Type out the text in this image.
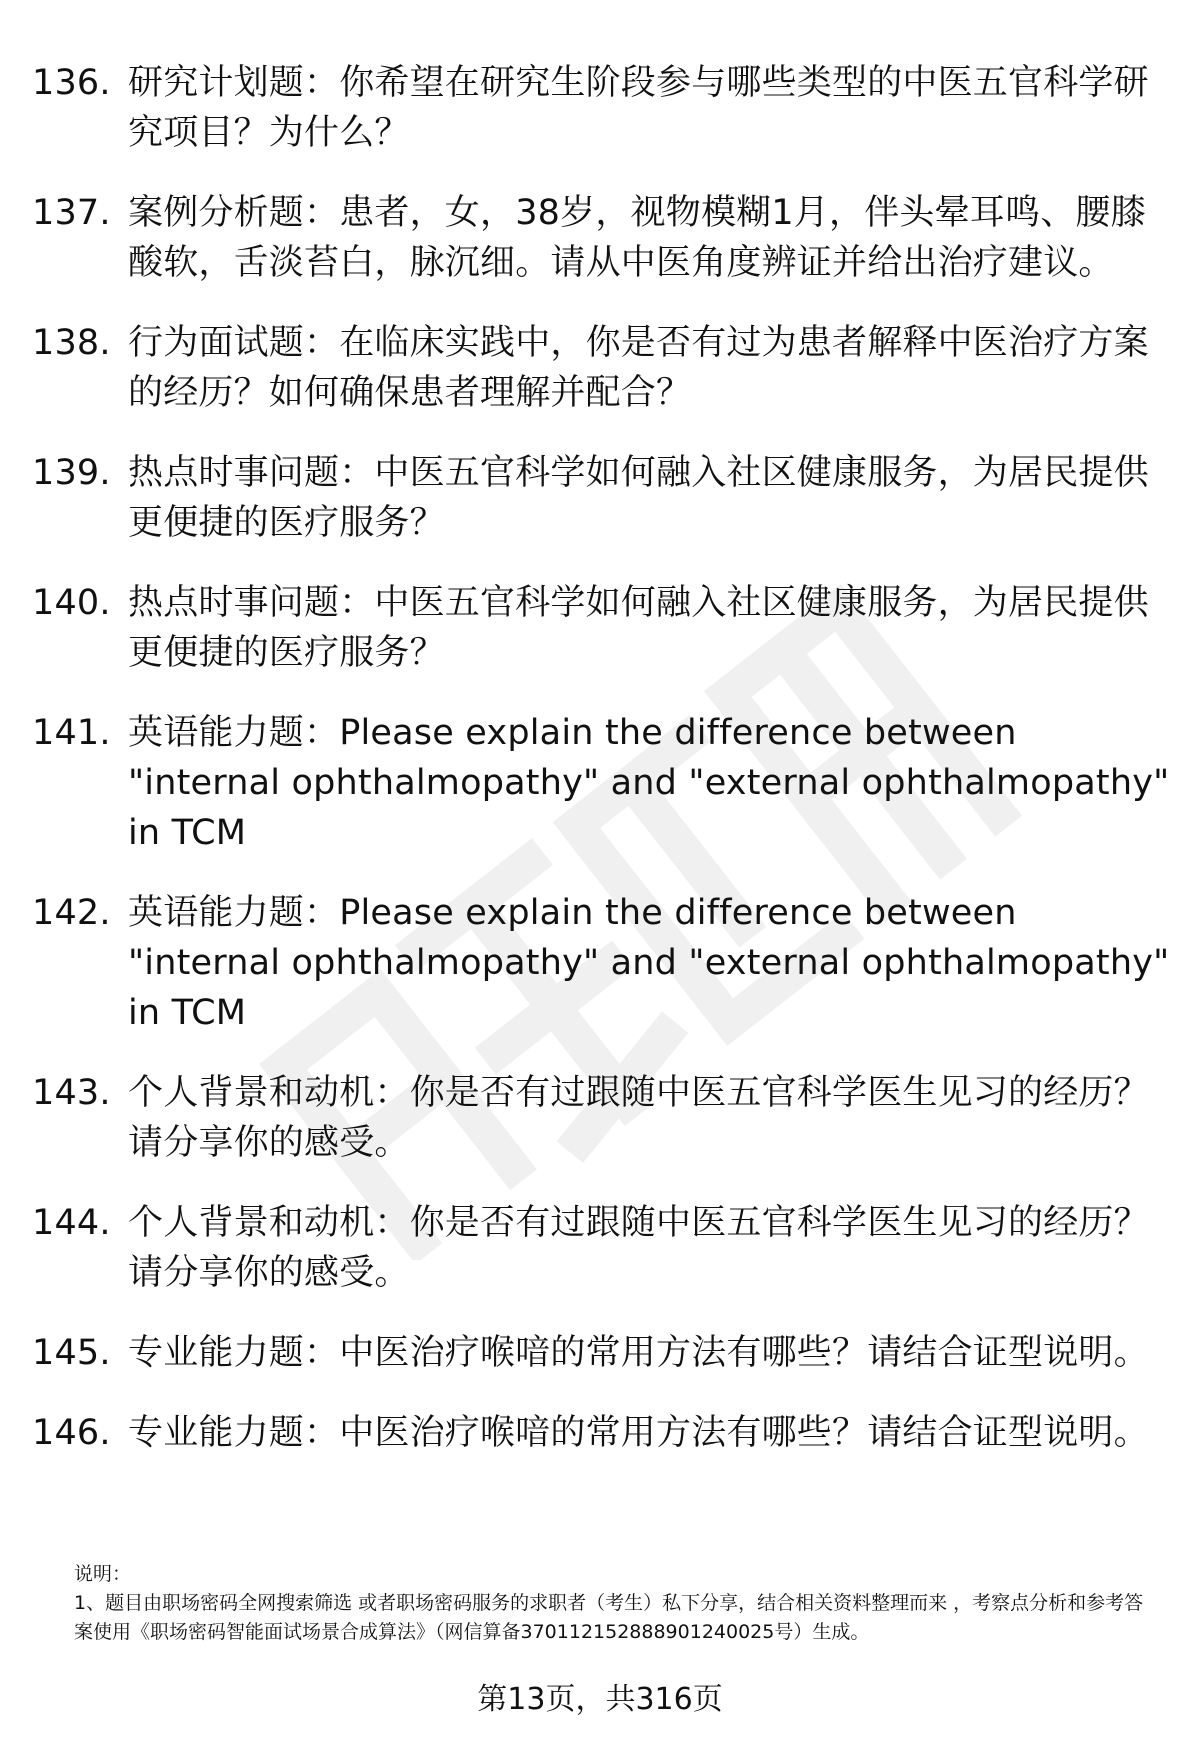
136. 研究计划题：你希望在研究生阶段参与哪些类型的中医五官科学研究项目？为什么？
137. 案例分析题：患者，女，38岁，视物模糊1月，伴头晕耳鸣、腰膝酸软，舌淡苔白，脉沉细。请从中医角度辨证并给出治疗建议。
138. 行为面试题：在临床实践中，你是否有过为患者解释中医治疗方案的经历？如何确保患者理解并配合？
139. 热点时事问题：中医五官科学如何融入社区健康服务，为居民提供更便捷的医疗服务？
140. 热点时事问题：中医五官科学如何融入社区健康服务，为居民提供更便捷的医疗服务？
141. 英语能力题：Please explain the difference between "internal ophthalmopathy" and "external ophthalmopathy" in TCM
142. 英语能力题：Please explain the difference between "internal ophthalmopathy" and "external ophthalmopathy" in TCM
143. 个人背景和动机：你是否有过跟随中医五官科学医生见习的经历？请分享你的感受。
144. 个人背景和动机：你是否有过跟随中医五官科学医生见习的经历？请分享你的感受。
145. 专业能力题：中医治疗喉喑的常用方法有哪些？请结合证型说明。
146. 专业能力题：中医治疗喉喑的常用方法有哪些？请结合证型说明。

说明：

1、题目由职场密码全网搜索筛选 或者职场密码服务的求职者（考生）私下分享，结合相关资料整理而来 ，考察点分析和参考答案使用《职场密码智能面试场景合成算法》（网信算备370112152888901240025号）生成。

第13页，共316页
